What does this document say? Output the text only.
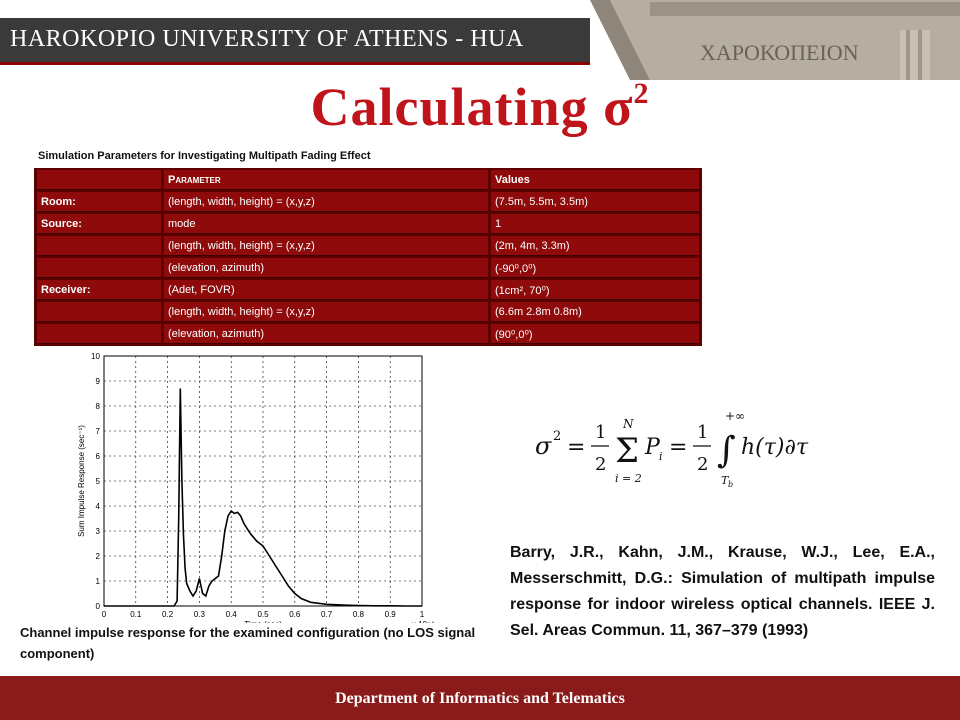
HAROKOPIO UNIVERSITY OF ATHENS - HUA
ΧΑΡΟΚΟΠΕΙΟΝ
Calculating $\sigma^2$
Simulation Parameters for Investigating Multipath Fading Effect
	Parameter	Values
Room:	(length, width, height) = (x,y,z)	(7.5m, 5.5m, 3.5m)
Source:	mode	1
	(length, width, height) = (x,y,z)	(2m, 4m, 3.3m)
	(elevation, azimuth)	(-90⁰,0⁰)
Receiver:	(Adet, FOVR)	(1cm², 70⁰)
	(length, width, height) = (x,y,z)	(6.6m 2.8m 0.8m)
	(elevation, azimuth)	(90⁰,0⁰)
0	0.1	0.2	0.3	0.4	0.5	0.6	0.7	0.8	0.9	1
0
1
2
3
4
5
6
7
8
9
10
Sum Impulse Response (sec⁻¹)	σ 2 =
1
2 Σ
N
i = 2
P i =
1
2 ∫
+∞
T b
h(τ)∂τ
Barry, J.R., Kahn, J.M., Krause, W.J., Lee, E.A., Messerschmitt, D.G.: Simulation of multipath impulse response for indoor wireless optical channels. IEEE J. Sel. Areas Commun. 11, 367–379 (1993)
Channel impulse response for the examined configuration (no LOS signal component)
Department of Informatics and Telematics
